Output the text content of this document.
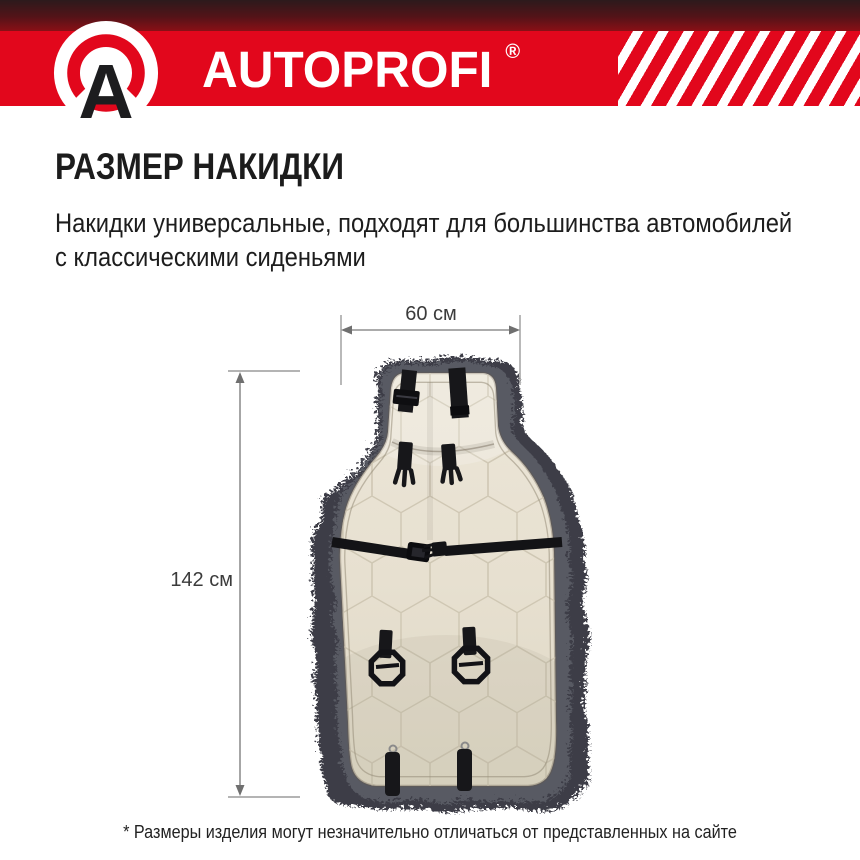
A AUTOPROFI ®
РАЗМЕР НАКИДКИ
Накидки универсальные, подходят для большинства автомобилей
с классическими сиденьями
60 см
142 см
* Размеры изделия могут незначительно отличаться от представленных на сайте
